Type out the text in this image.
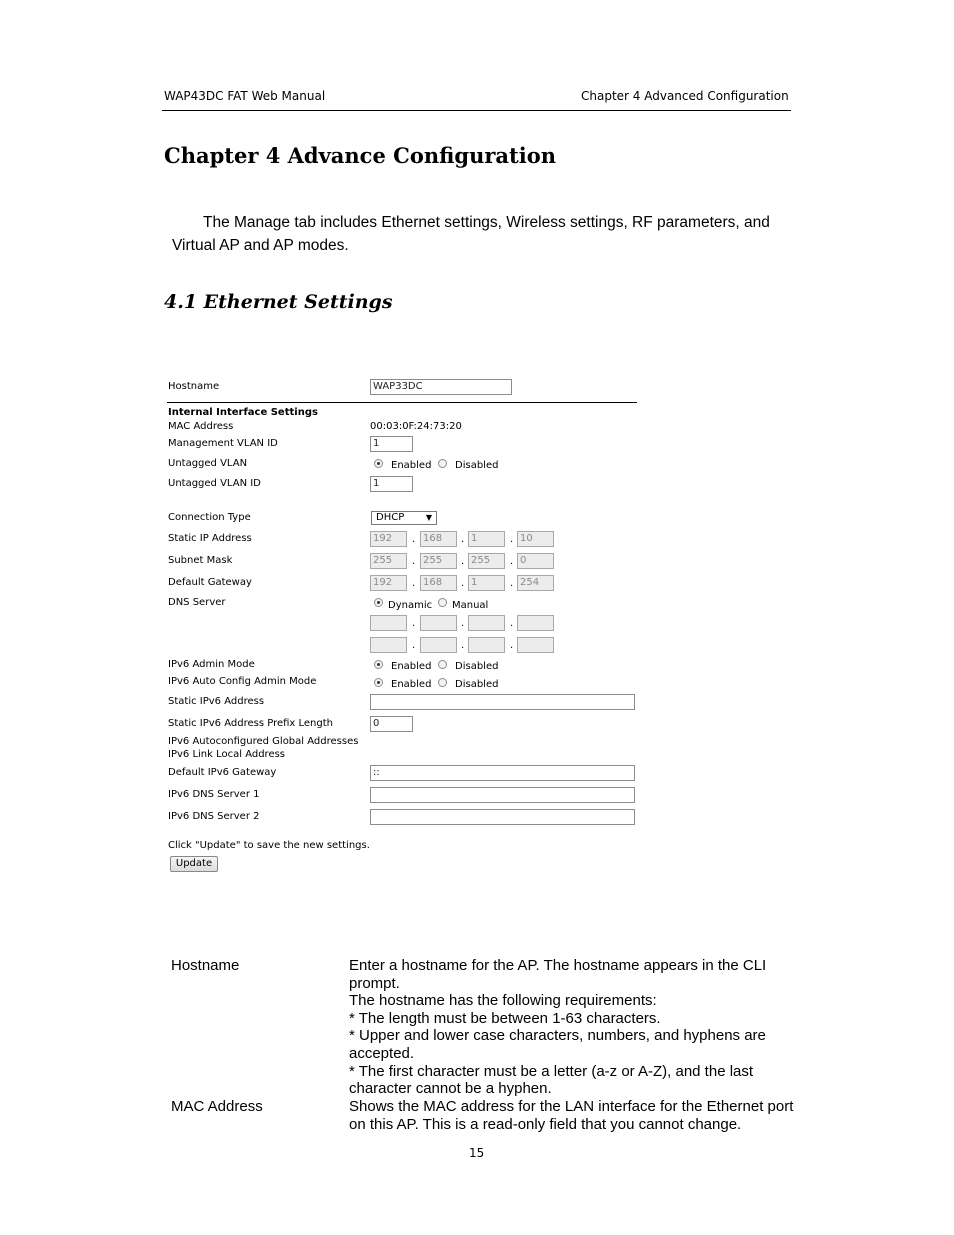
WAP43DC FAT Web Manual	Chapter 4 Advanced Configuration
Chapter 4 Advance Configuration
The Manage tab includes Ethernet settings, Wireless settings, RF parameters, and Virtual AP and AP modes.
4.1 Ethernet Settings
Hostname	WAP33DC
Internal Interface Settings
MAC Address	00:03:0F:24:73:20
Management VLAN ID	1
Untagged VLAN	Enabled Disabled
Untagged VLAN ID	1
Connection Type	DHCP	▼
Static IP Address	192	. 168	. 1	. 10
Subnet Mask	255	. 255	. 255	. 0
Default Gateway	192	. 168	. 1	. 254
DNS Server	Dynamic Manual
.	.	.
.	.	.
IPv6 Admin Mode	Enabled Disabled
IPv6 Auto Config Admin Mode	Enabled Disabled
Static IPv6 Address
Static IPv6 Address Prefix Length	0
IPv6 Autoconfigured Global Addresses
IPv6 Link Local Address
Default IPv6 Gateway	::
IPv6 DNS Server 1
IPv6 DNS Server 2
Click "Update" to save the new settings.
Update
Hostname	Enter a hostname for the AP. The hostname appears in the CLI prompt.
The hostname has the following requirements:
* The length must be between 1-63 characters.
* Upper and lower case characters, numbers, and hyphens are accepted.
* The first character must be a letter (a-z or A-Z), and the last character cannot be a hyphen.
MAC Address	Shows the MAC address for the LAN interface for the Ethernet port on this AP. This is a read-only field that you cannot change.
15
